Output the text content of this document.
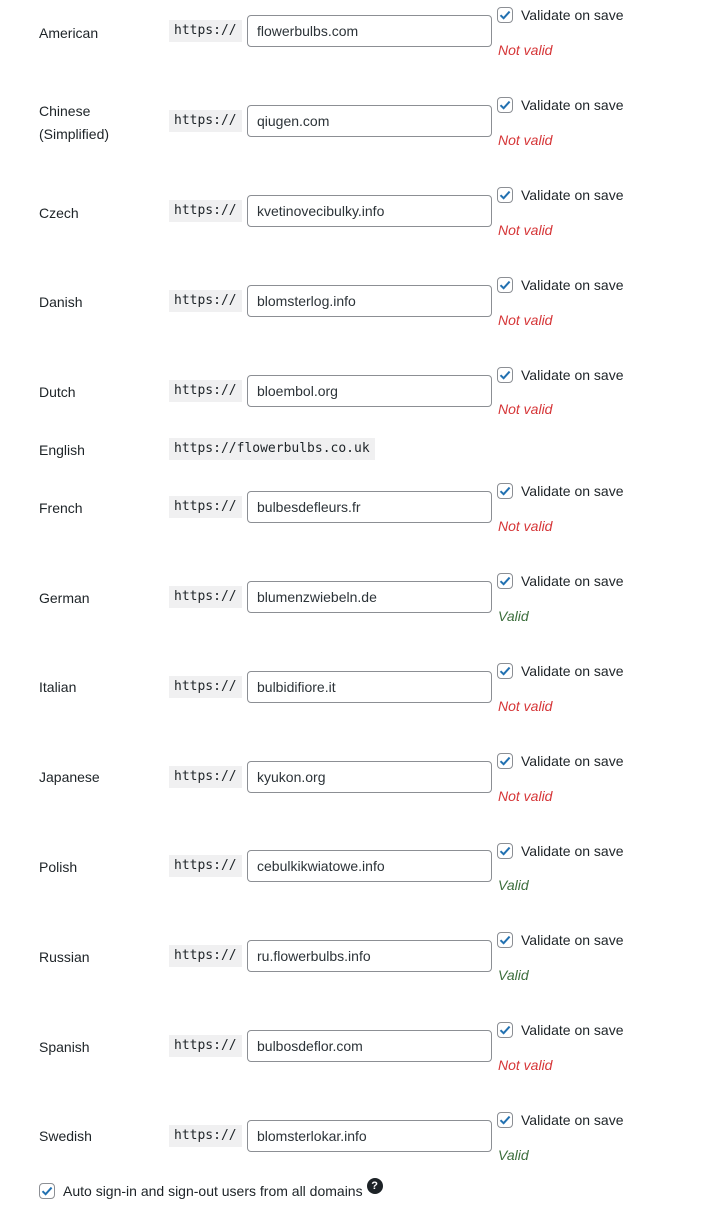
American	https://
flowerbulbs.com
Validate on save
Not valid
Chinese
(Simplified)
https://
qiugen.com
Validate on save
Not valid
Czech	https://
kvetinovecibulky.info
Validate on save
Not valid
Danish	https://
blomsterlog.info
Validate on save
Not valid
Dutch	https://
bloembol.org
Validate on save
Not valid
English	https://flowerbulbs.co.uk
French	https://
bulbesdefleurs.fr
Validate on save
Not valid
German	https://
blumenzwiebeln.de
Validate on save
Valid
Italian	https://
bulbidifiore.it
Validate on save
Not valid
Japanese	https://
kyukon.org
Validate on save
Not valid
Polish	https://
cebulkikwiatowe.info
Validate on save
Valid
Russian	https://
ru.flowerbulbs.info
Validate on save
Valid
Spanish	https://
bulbosdeflor.com
Validate on save
Not valid
Swedish	https://
blomsterlokar.info
Validate on save
Valid
Auto sign-in and sign-out users from all domains ?
